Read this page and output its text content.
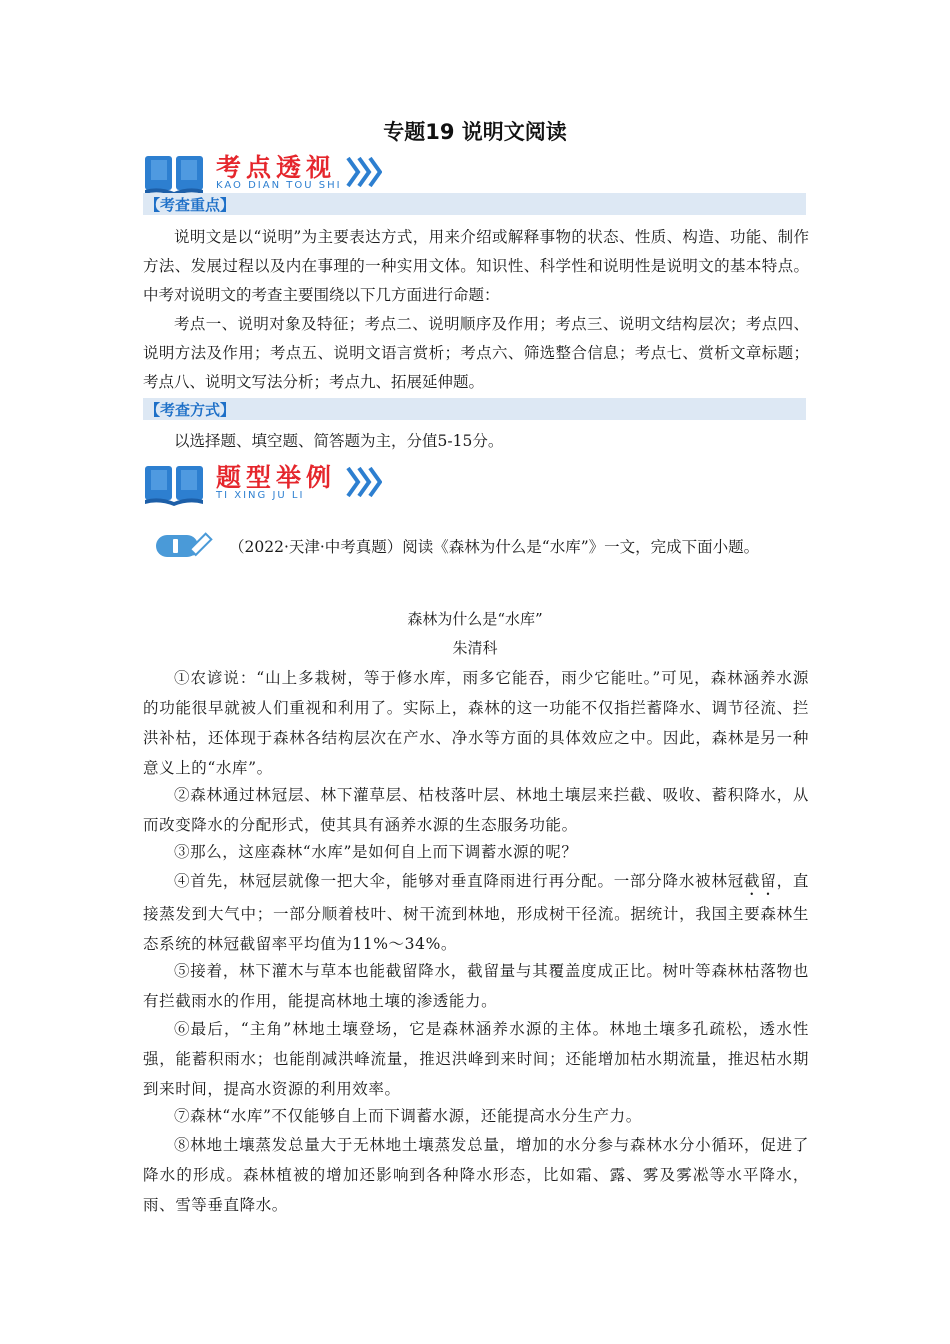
专题19 说明文阅读
考点透视
KAO DIAN TOU SHI
【考查重点】

说明文是以“说明”为主要表达方式，用来介绍或解释事物的状态、性质、构造、功能、制作方法、发展过程以及内在事理的一种实用文体。知识性、科学性和说明性是说明文的基本特点。中考对说明文的考查主要围绕以下几方面进行命题：

考点一、说明对象及特征；考点二、说明顺序及作用；考点三、说明文结构层次；考点四、说明方法及作用；考点五、说明文语言赏析；考点六、筛选整合信息；考点七、赏析文章标题；考点八、说明文写法分析；考点九、拓展延伸题。

【考查方式】

以选择题、填空题、简答题为主，分值5-15分。

题型举例
TI XING JU LI

（2022·天津·中考真题）阅读《森林为什么是“水库”》一文，完成下面小题。

森林为什么是“水库”
朱清科

①农谚说：“山上多栽树，等于修水库，雨多它能吞，雨少它能吐。”可见，森林涵养水源的功能很早就被人们重视和利用了。实际上，森林的这一功能不仅指拦蓄降水、调节径流、拦洪补枯，还体现于森林各结构层次在产水、净水等方面的具体效应之中。因此，森林是另一种意义上的“水库”。

②森林通过林冠层、林下灌草层、枯枝落叶层、林地土壤层来拦截、吸收、蓄积降水，从而改变降水的分配形式，使其具有涵养水源的生态服务功能。

③那么，这座森林“水库”是如何自上而下调蓄水源的呢？

④首先，林冠层就像一把大伞，能够对垂直降雨进行再分配。一部分降水被林冠截留，直接蒸发到大气中；一部分顺着枝叶、树干流到林地，形成树干径流。据统计，我国主要森林生态系统的林冠截留率平均值为11%～34%。

⑤接着，林下灌木与草本也能截留降水，截留量与其覆盖度成正比。树叶等森林枯落物也有拦截雨水的作用，能提高林地土壤的渗透能力。

⑥最后，“主角”林地土壤登场，它是森林涵养水源的主体。林地土壤多孔疏松，透水性强，能蓄积雨水；也能削减洪峰流量，推迟洪峰到来时间；还能增加枯水期流量，推迟枯水期到来时间，提高水资源的利用效率。

⑦森林“水库”不仅能够自上而下调蓄水源，还能提高水分生产力。

⑧林地土壤蒸发总量大于无林地土壤蒸发总量，增加的水分参与森林水分小循环，促进了降水的形成。森林植被的增加还影响到各种降水形态，比如霜、露、雾及雾凇等水平降水，雨、雪等垂直降水。
